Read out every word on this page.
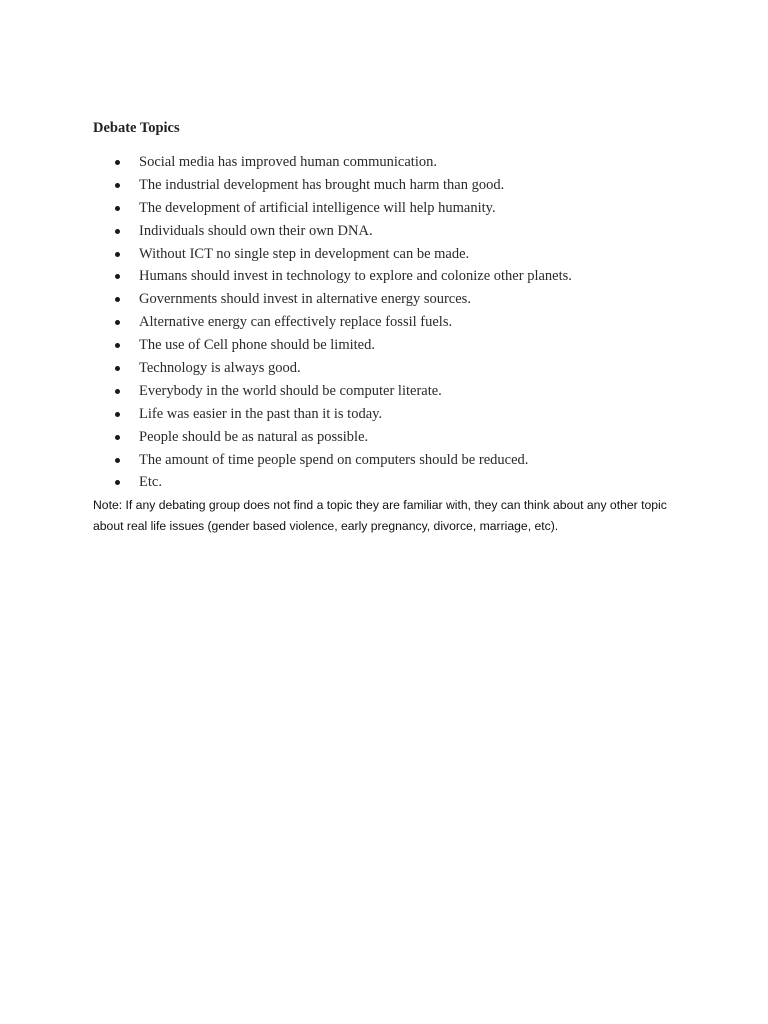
Debate Topics
Social media has improved human communication.
The industrial development has brought much harm than good.
The development of artificial intelligence will help humanity.
Individuals should own their own DNA.
Without ICT no single step in development can be made.
Humans should invest in technology to explore and colonize other planets.
Governments should invest in alternative energy sources.
Alternative energy can effectively replace fossil fuels.
The use of Cell phone should be limited.
Technology is always good.
Everybody in the world should be computer literate.
Life was easier in the past than it is today.
People should be as natural as possible.
The amount of time people spend on computers should be reduced.
Etc.

Note: If any debating group does not find a topic they are familiar with, they can think about any other topic about real life issues (gender based violence, early pregnancy, divorce, marriage, etc).
